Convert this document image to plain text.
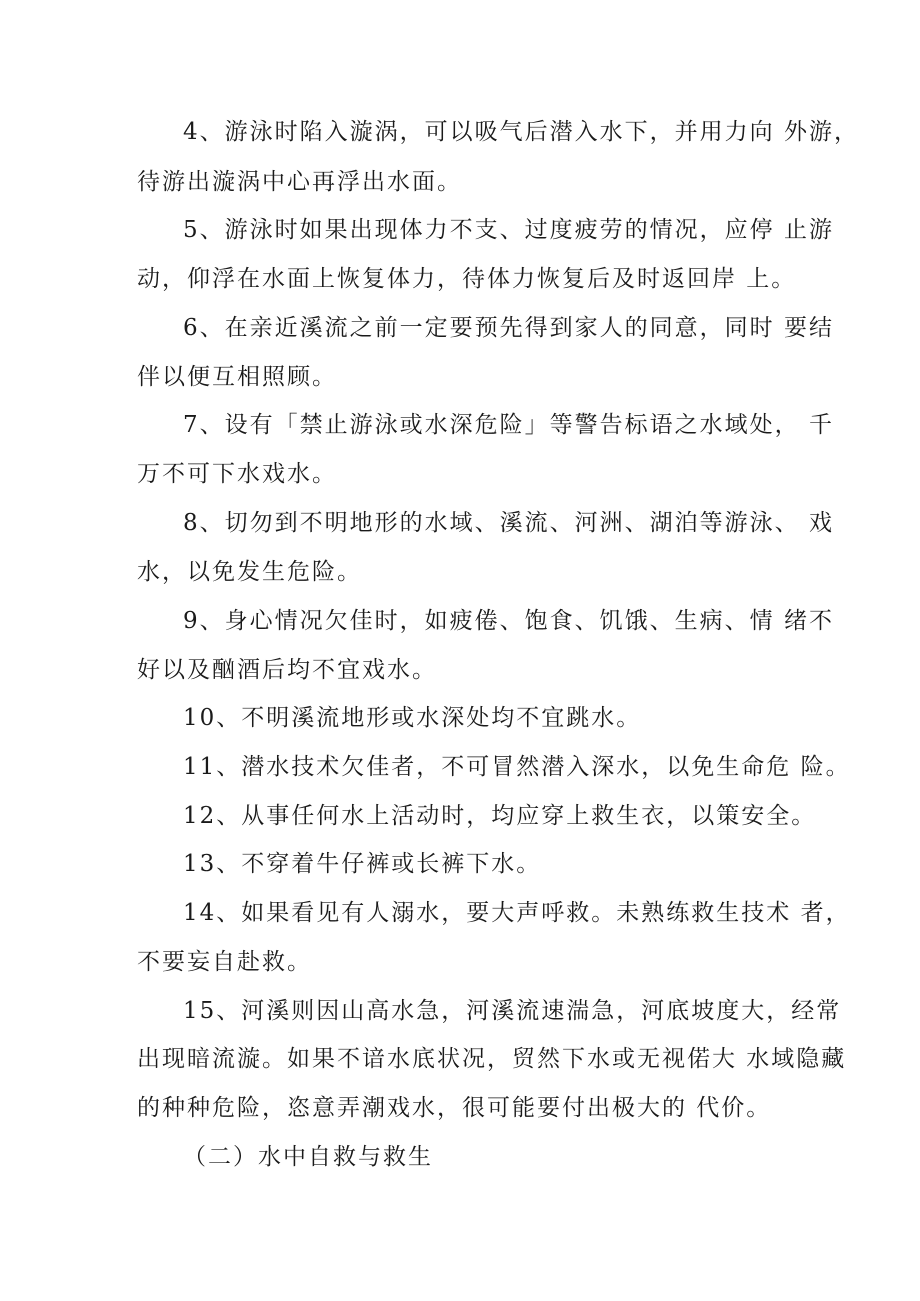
4、游泳时陷入漩涡，可以吸气后潜入水下，并用力向 外游，
待游出漩涡中心再浮出水面。
5、游泳时如果出现体力不支、过度疲劳的情况，应停 止游
动，仰浮在水面上恢复体力，待体力恢复后及时返回岸 上。
6、在亲近溪流之前一定要预先得到家人的同意，同时 要结
伴以便互相照顾。
7、设有「禁止游泳或水深危险」等警告标语之水域处， 千
万不可下水戏水。
8、切勿到不明地形的水域、溪流、河洲、湖泊等游泳、 戏
水，以免发生危险。
9、身心情况欠佳时，如疲倦、饱食、饥饿、生病、情 绪不
好以及酗酒后均不宜戏水。
10、不明溪流地形或水深处均不宜跳水。
11、潜水技术欠佳者，不可冒然潜入深水，以免生命危 险。
12、从事任何水上活动时，均应穿上救生衣，以策安全。
13、不穿着牛仔裤或长裤下水。
14、如果看见有人溺水，要大声呼救。未熟练救生技术 者，
不要妄自赴救。
15、河溪则因山高水急，河溪流速湍急，河底坡度大，经常
出现暗流漩。如果不谙水底状况，贸然下水或无视偌大 水域隐藏
的种种危险，恣意弄潮戏水，很可能要付出极大的 代价。
（二）水中自救与救生
